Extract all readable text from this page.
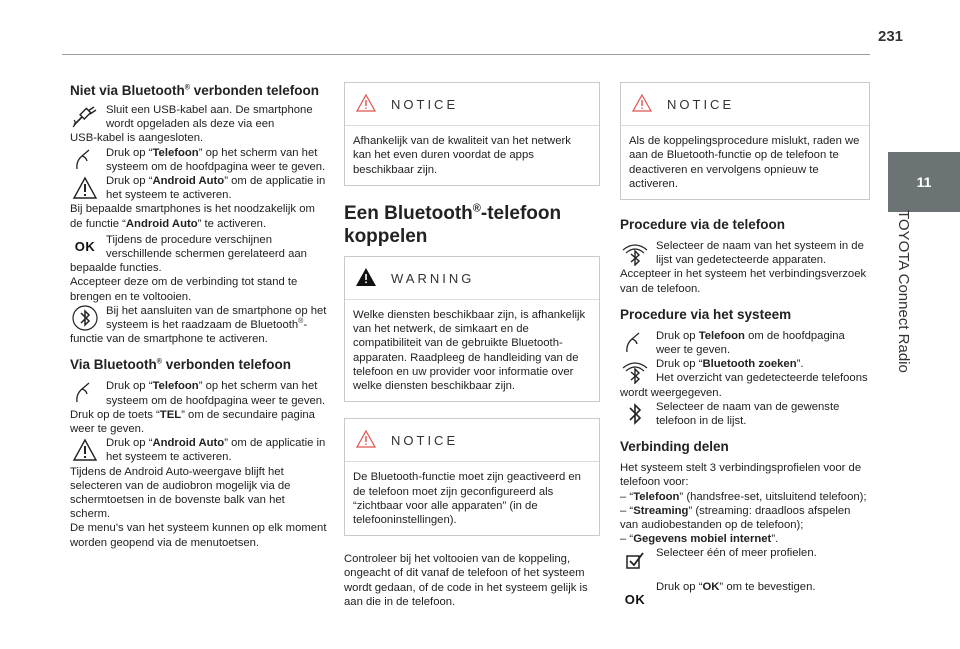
231
11
TOYOTA Connect Radio
Niet via Bluetooth® verbonden telefoon

Sluit een USB-kabel aan. De smartphone wordt opgeladen als deze via een

USB-kabel is aangesloten.

Druk op “Telefoon” op het scherm van het systeem om de hoofdpagina weer te geven.

Druk op “Android Auto” om de applicatie in het systeem te activeren.

Bij bepaalde smartphones is het noodzakelijk om de functie “Android Auto” te activeren.

OK Tijdens de procedure verschijnen verschillende schermen gerelateerd aan

bepaalde functies.

Accepteer deze om de verbinding tot stand te brengen en te voltooien.

Bij het aansluiten van de smartphone op het systeem is het raadzaam de Bluetooth®-

functie van de smartphone te activeren.

Via Bluetooth® verbonden telefoon

Druk op “Telefoon” op het scherm van het systeem om de hoofdpagina weer te geven.

Druk op de toets “TEL” om de secundaire pagina weer te geven.

Druk op “Android Auto” om de applicatie in het systeem te activeren.

Tijdens de Android Auto-weergave blijft het selecteren van de audiobron mogelijk via de schermtoetsen in de bovenste balk van het scherm.

De menu's van het systeem kunnen op elk moment worden geopend via de menutoetsen.

NOTICE

Afhankelijk van de kwaliteit van het netwerk kan het even duren voordat de apps beschikbaar zijn.

Een Bluetooth®-telefoon koppelen
WARNING

Welke diensten beschikbaar zijn, is afhankelijk van het netwerk, de simkaart en de compatibiliteit van de gebruikte Bluetooth-apparaten. Raadpleeg de handleiding van de telefoon en uw provider voor informatie over welke diensten beschikbaar zijn.

NOTICE

De Bluetooth-functie moet zijn geactiveerd en de telefoon moet zijn geconfigureerd als “zichtbaar voor alle apparaten” (in de telefooninstellingen).

Controleer bij het voltooien van de koppeling, ongeacht of dit vanaf de telefoon of het systeem wordt gedaan, of de code in het systeem gelijk is aan die in de telefoon.

NOTICE

Als de koppelingsprocedure mislukt, raden we aan de Bluetooth-functie op de telefoon te deactiveren en vervolgens opnieuw te activeren.

Procedure via de telefoon

Selecteer de naam van het systeem in de lijst van gedetecteerde apparaten.

Accepteer in het systeem het verbindingsverzoek van de telefoon.

Procedure via het systeem

Druk op Telefoon om de hoofdpagina weer te geven.

Druk op “Bluetooth zoeken”.
Het overzicht van gedetecteerde telefoons

wordt weergegeven.

Selecteer de naam van de gewenste telefoon in de lijst.

Verbinding delen

Het systeem stelt 3 verbindingsprofielen voor de telefoon voor:

– “Telefoon” (handsfree-set, uitsluitend telefoon);

– “Streaming” (streaming: draadloos afspelen van audiobestanden op de telefoon);

– “Gegevens mobiel internet”.

Selecteer één of meer profielen.

OK

Druk op “OK” om te bevestigen.
